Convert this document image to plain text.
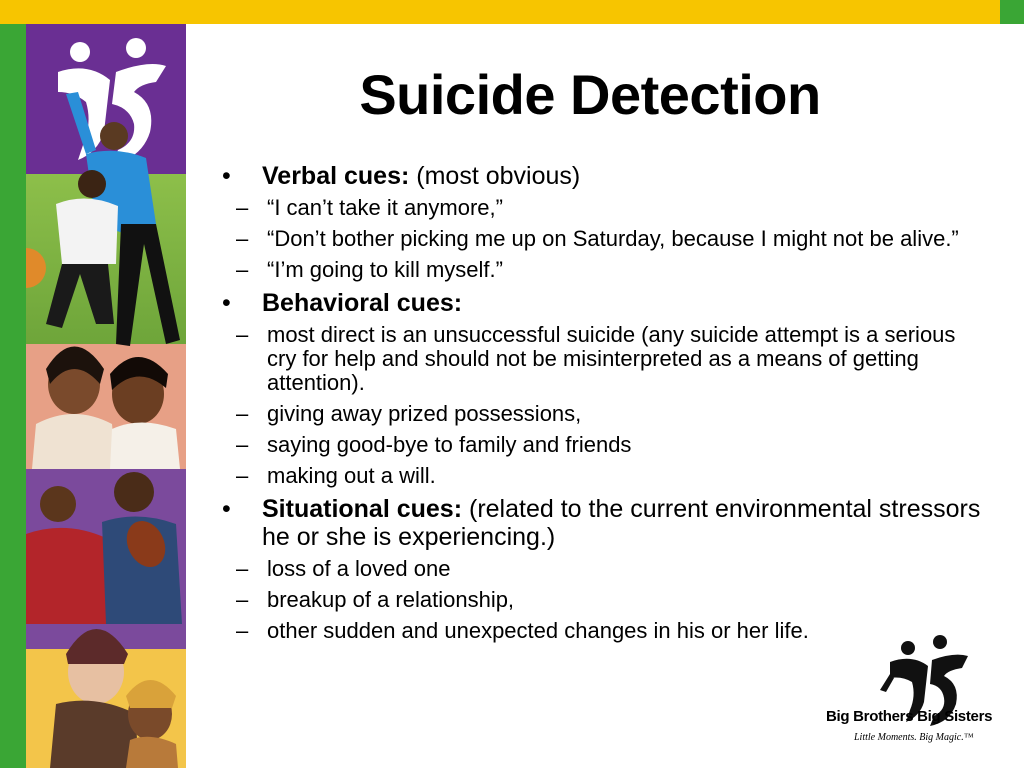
Suicide Detection
• Verbal cues: (most obvious)
– “I can’t take it anymore,”
– “Don’t bother picking me up on Saturday, because I might not be alive.”
– “I’m going to kill myself.”
• Behavioral cues:
– most direct is an unsuccessful suicide (any suicide attempt is a serious cry for help and should not be misinterpreted as a means of getting attention).
– giving away prized possessions,
– saying good-bye to family and friends
– making out a will.
• Situational cues: (related to the current environmental stressors he or she is experiencing.)
– loss of a loved one
– breakup of a relationship,
– other sudden and unexpected changes in his or her life.
Big Brothers Big Sisters
Little Moments. Big Magic.™
